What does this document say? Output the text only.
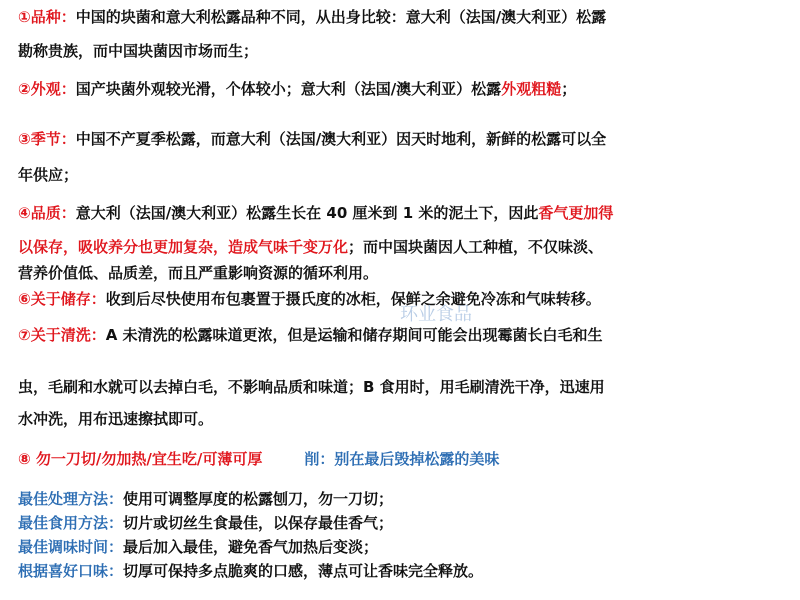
①品种：中国的块菌和意大利松露品种不同，从出身比较：意大利（法国/澳大利亚）松露
勘称贵族，而中国块菌因市场而生；
②外观：国产块菌外观较光滑，个体较小；意大利（法国/澳大利亚）松露外观粗糙；
③季节：中国不产夏季松露，而意大利（法国/澳大利亚）因天时地利，新鲜的松露可以全
年供应；
④品质：意大利（法国/澳大利亚）松露生长在 40 厘米到 1 米的泥土下，因此香气更加得
以保存，吸收养分也更加复杂，造成气味千变万化；而中国块菌因人工种植，不仅味淡、
营养价值低、品质差，而且严重影响资源的循环利用。
⑥关于储存：收到后尽快使用布包裹置于摄氏度的冰柜，保鲜之余避免冷冻和气味转移。
环业食品
⑦关于清洗：A 未清洗的松露味道更浓，但是运输和储存期间可能会出现霉菌长白毛和生
虫，毛刷和水就可以去掉白毛，不影响品质和味道；B 食用时，用毛刷清洗干净，迅速用
水冲洗，用布迅速擦拭即可。
⑧ 勿一刀切/勿加热/宜生吃/可薄可厚	削：别在最后毁掉松露的美味
最佳处理方法：使用可调整厚度的松露刨刀，勿一刀切；
最佳食用方法：切片或切丝生食最佳，以保存最佳香气；
最佳调味时间：最后加入最佳，避免香气加热后变淡；
根据喜好口味：切厚可保持多点脆爽的口感，薄点可让香味完全释放。
